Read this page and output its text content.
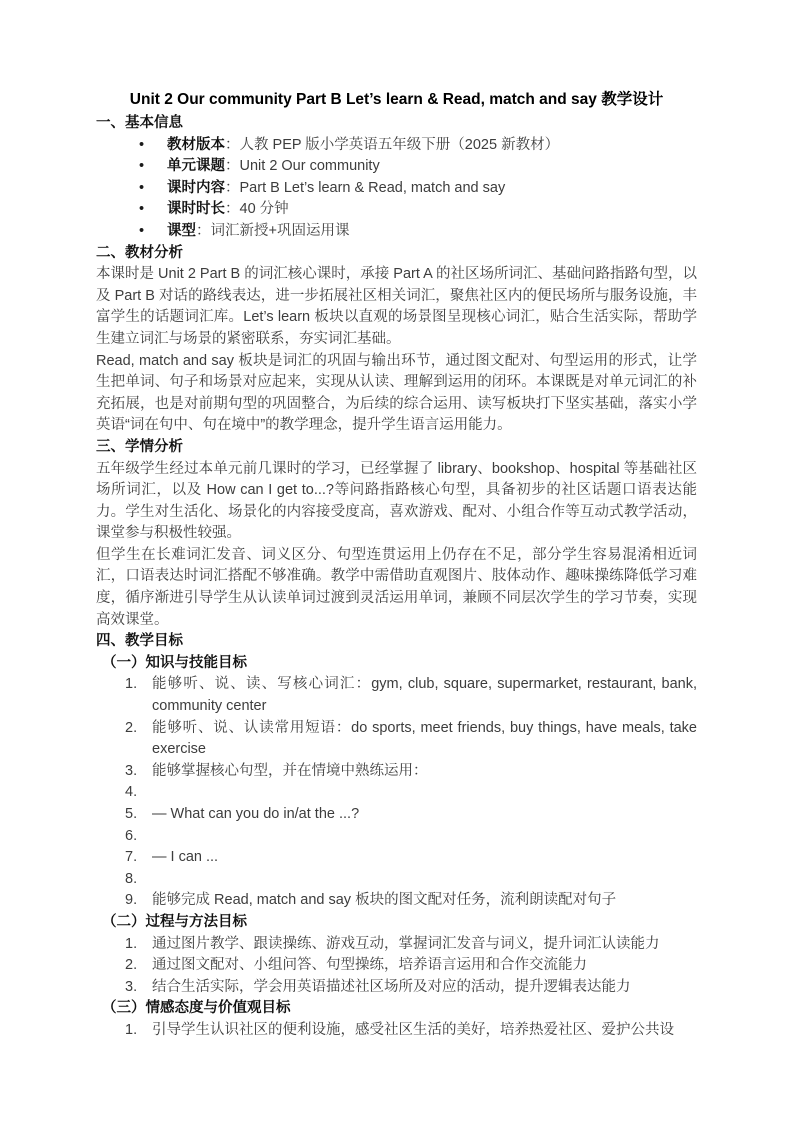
Unit 2 Our community Part B Let’s learn & Read, match and say 教学设计
一、基本信息
•	教材版本 ：人教 PEP 版小学英语五年级下册（2025 新教材）
•	单元课题 ：Unit 2 Our community
•	课时内容 ：Part B Let’s learn & Read, match and say
•	课时时长 ：40 分钟
•	课型 ：词汇新授+巩固运用课
二、教材分析

本课时是 Unit 2 Part B 的词汇核心课时，承接 Part A 的社区场所词汇、基础问路指路句型，以及 Part B 对话的路线表达，进一步拓展社区相关词汇，聚焦社区内的便民场所与服务设施，丰富学生的话题词汇库。Let’s learn 板块以直观的场景图呈现核心词汇，贴合生活实际，帮助学生建立词汇与场景的紧密联系，夯实词汇基础。

Read, match and say 板块是词汇的巩固与输出环节，通过图文配对、句型运用的形式，让学生把单词、句子和场景对应起来，实现从认读、理解到运用的闭环。本课既是对单元词汇的补充拓展，也是对前期句型的巩固整合，为后续的综合运用、读写板块打下坚实基础，落实小学英语“词在句中、句在境中”的教学理念，提升学生语言运用能力。

三、学情分析

五年级学生经过本单元前几课时的学习，已经掌握了 library、bookshop、hospital 等基础社区场所词汇，以及 How can I get to...?等问路指路核心句型，具备初步的社区话题口语表达能力。学生对生活化、场景化的内容接受度高，喜欢游戏、配对、小组合作等互动式教学活动，课堂参与积极性较强。

但学生在长难词汇发音、词义区分、句型连贯运用上仍存在不足，部分学生容易混淆相近词汇，口语表达时词汇搭配不够准确。教学中需借助直观图片、肢体动作、趣味操练降低学习难度，循序渐进引导学生从认读单词过渡到灵活运用单词，兼顾不同层次学生的学习节奏，实现高效课堂。

四、教学目标
（一）知识与技能目标
1.	能够听、说、读、写核心词汇：gym, club, square, supermarket, restaurant, bank, community center
2.	能够听、说、认读常用短语：do sports, meet friends, buy things, have meals, take exercise
3.	能够掌握核心句型，并在情境中熟练运用：
4.
5.	— What can you do in/at the ...?
6.
7.	— I can ...
8.
9.	能够完成 Read, match and say 板块的图文配对任务，流利朗读配对句子
（二）过程与方法目标
1.	通过图片教学、跟读操练、游戏互动，掌握词汇发音与词义，提升词汇认读能力
2.	通过图文配对、小组问答、句型操练，培养语言运用和合作交流能力
3.	结合生活实际，学会用英语描述社区场所及对应的活动，提升逻辑表达能力
（三）情感态度与价值观目标
1.	引导学生认识社区的便利设施，感受社区生活的美好，培养热爱社区、爱护公共设
